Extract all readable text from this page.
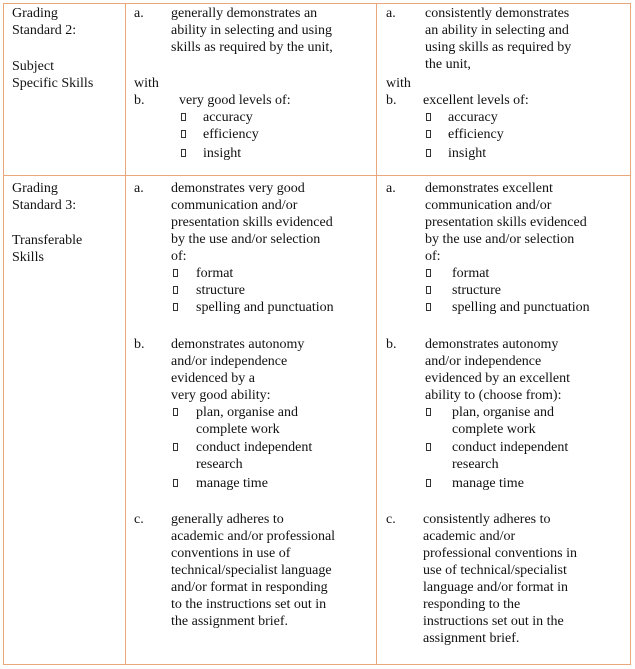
Grading
Standard 2:
Subject
Specific Skills
a. generally demonstrates an
ability in selecting and using
skills as required by the unit,
with
b. very good levels of:
accuracy
efficiency
insight
a. consistently demonstrates
an ability in selecting and
using skills as required by
the unit,
with
b. excellent levels of:
accuracy
efficiency
insight
Grading
Standard 3:
Transferable
Skills
a. demonstrates very good
communication and/or
presentation skills evidenced
by the use and/or selection
of:
format
structure
spelling and punctuation
b. demonstrates autonomy
and/or independence
evidenced by a
very good ability:
plan, organise and
complete work
conduct independent
research
manage time
c. generally adheres to
academic and/or professional
conventions in use of
technical/specialist language
and/or format in responding
to the instructions set out in
the assignment brief.
a. demonstrates excellent
communication and/or
presentation skills evidenced
by the use and/or selection
of:
format
structure
spelling and punctuation
b. demonstrates autonomy
and/or independence
evidenced by an excellent
ability to (choose from):
plan, organise and
complete work
conduct independent
research
manage time
c. consistently adheres to
academic and/or
professional conventions in
use of technical/specialist
language and/or format in
responding to the
instructions set out in the
assignment brief.
